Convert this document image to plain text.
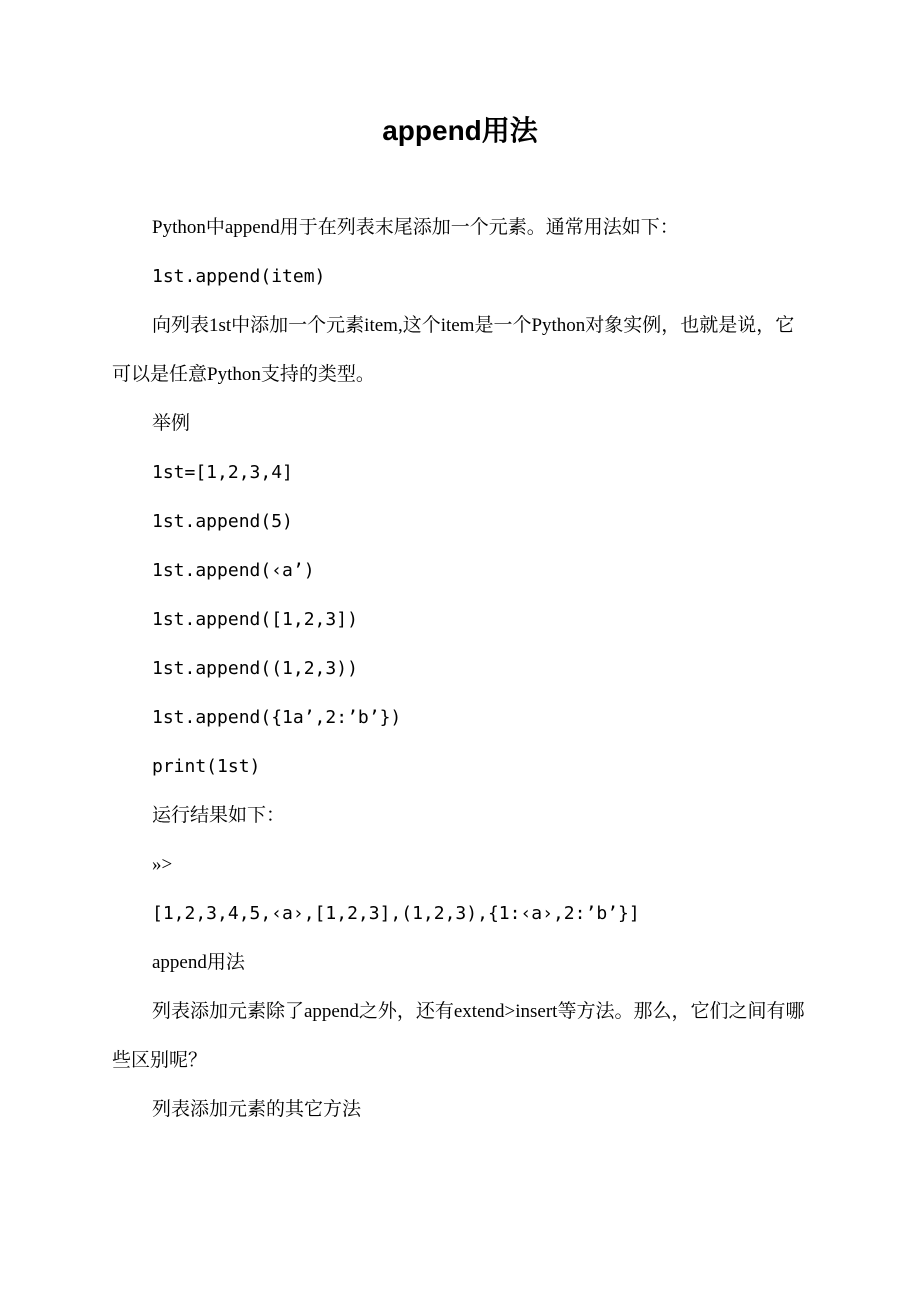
append用法

Python中append用于在列表末尾添加一个元素。通常用法如下：

1st.append(item)

向列表1st中添加一个元素item,这个item是一个Python对象实例，也就是说，它可以是任意Python支持的类型。

举例

1st=[1,2,3,4]

1st.append(5)

1st.append(‹a’)

1st.append([1,2,3])

1st.append((1,2,3))

1st.append({1a’,2:’b’})

print(1st)

运行结果如下：

»>

[1,2,3,4,5,‹a›,[1,2,3],(1,2,3),{1:‹a›,2:’b’}]

append用法

列表添加元素除了append之外，还有extend>insert等方法。那么，它们之间有哪些区别呢？

列表添加元素的其它方法
